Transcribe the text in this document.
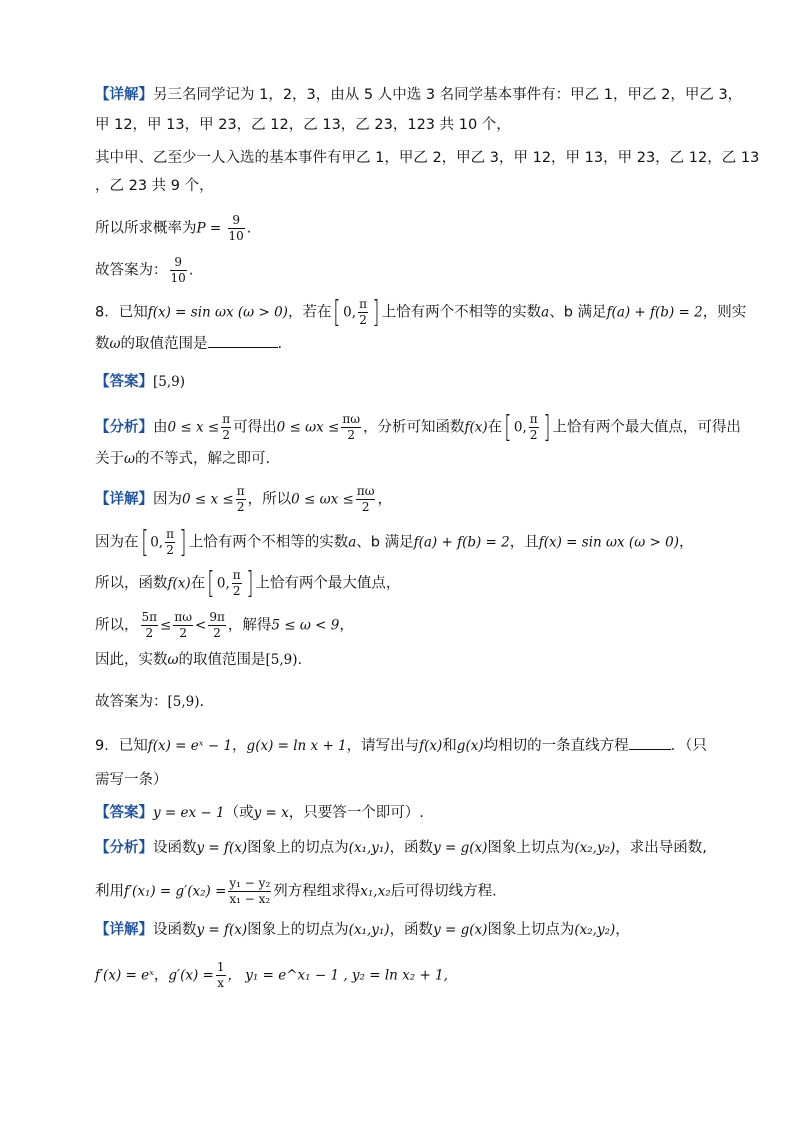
【详解】另三名同学记为 1，2，3，由从 5 人中选 3 名同学基本事件有：甲乙 1，甲乙 2，甲乙 3，
甲 12，甲 13，甲 23，乙 12，乙 13，乙 23，123 共 10 个，
其中甲、乙至少一人入选的基本事件有甲乙 1，甲乙 2，甲乙 3，甲 12，甲 13，甲 23，乙 12，乙 13
，乙 23 共 9 个，
所以所求概率为$P = \frac{9}{10}$ .
故答案为： $\frac{9}{10}$ .
8．已知f(x) = sin ωx (ω > 0)，若在[ 0, $\frac{\pi}{2}$ ] 上恰有两个不相等的实数a、b 满足f(a) + f(b) = 2，则实
数ω的取值范围是	.
【答案】[5,9)
【分析】由$0 \le x \le \frac{\pi}{2}$ 可得出$0 \le \omega x \le \frac{\pi\omega}{2}$ ，分析可知函数f(x)在[ 0, $\frac{\pi}{2}$ ] 上恰有两个最大值点，可得出
关于ω的不等式，解之即可.
【详解】因为$0 \le x \le \frac{\pi}{2}$ ，所以$0 \le \omega x \le \frac{\pi\omega}{2}$ ，
因为在[ 0, $\frac{\pi}{2}$ ] 上恰有两个不相等的实数a、b 满足f(a) + f(b) = 2，且f(x) = sin ωx (ω > 0)，
所以，函数f(x)在[ 0, $\frac{\pi}{2}$ ] 上恰有两个最大值点，
所以， $\frac{5\pi}{2} \le \frac{\pi\omega}{2} < \frac{9\pi}{2}$ ，解得5 ≤ ω < 9，
因此，实数ω的取值范围是[5,9).
故答案为：[5,9).
9．已知f(x) = eˣ − 1，g(x) = ln x + 1，请写出与f(x)和g(x)均相切的一条直线方程	．（只
需写一条）
【答案】y = ex − 1（或y = x，只要答一个即可）.
【分析】设函数y = f(x)图象上的切点为(x₁,y₁)，函数y = g(x)图象上切点为(x₂,y₂)，求出导函数,
利用$f'(x_1) = g'(x_2) = \frac{\text{y₁ − y₂}}{\text{x₁ − x₂}}$ 列方程组求得x₁,x₂后可得切线方程.
【详解】设函数y = f(x)图象上的切点为(x₁,y₁)，函数y = g(x)图象上切点为(x₂,y₂)，
f′(x) = eˣ，$g'(x) = \frac{1}{x}$ ， y₁ = e^x₁ − 1 , y₂ = ln x₂ + 1,
